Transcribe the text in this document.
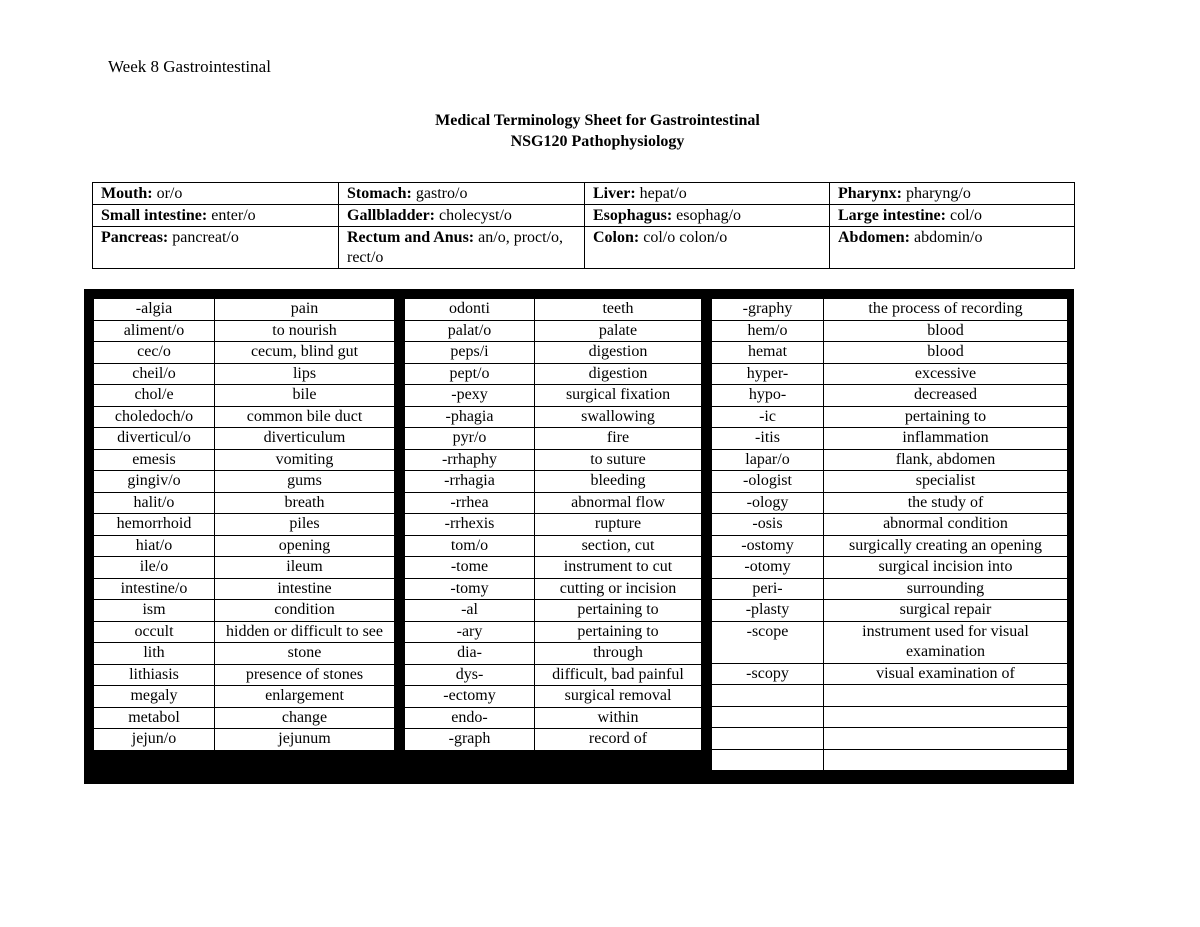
Week 8 Gastrointestinal
Medical Terminology Sheet for Gastrointestinal
NSG120 Pathophysiology
Mouth: or/o	Stomach: gastro/o	Liver: hepat/o	Pharynx: pharyng/o
Small intestine: enter/o	Gallbladder: cholecyst/o	Esophagus: esophag/o	Large intestine: col/o
Pancreas: pancreat/o	Rectum and Anus: an/o, proct/o, rect/o	Colon: col/o colon/o	Abdomen: abdomin/o
-algia	pain
aliment/o	to nourish
cec/o	cecum, blind gut
cheil/o	lips
chol/e	bile
choledoch/o	common bile duct
diverticul/o	diverticulum
emesis	vomiting
gingiv/o	gums
halit/o	breath
hemorrhoid	piles
hiat/o	opening
ile/o	ileum
intestine/o	intestine
ism	condition
occult	hidden or difficult to see
lith	stone
lithiasis	presence of stones
megaly	enlargement
metabol	change
jejun/o	jejunum
odonti	teeth
palat/o	palate
peps/i	digestion
pept/o	digestion
-pexy	surgical fixation
-phagia	swallowing
pyr/o	fire
-rrhaphy	to suture
-rrhagia	bleeding
-rrhea	abnormal flow
-rrhexis	rupture
tom/o	section, cut
-tome	instrument to cut
-tomy	cutting or incision
-al	pertaining to
-ary	pertaining to
dia-	through
dys-	difficult, bad painful
-ectomy	surgical removal
endo-	within
-graph	record of
-graphy	the process of recording
hem/o	blood
hemat	blood
hyper-	excessive
hypo-	decreased
-ic	pertaining to
-itis	inflammation
lapar/o	flank, abdomen
-ologist	specialist
-ology	the study of
-osis	abnormal condition
-ostomy	surgically creating an opening
-otomy	surgical incision into
peri-	surrounding
-plasty	surgical repair
-scope	instrument used for visual examination
-scopy	visual examination of
